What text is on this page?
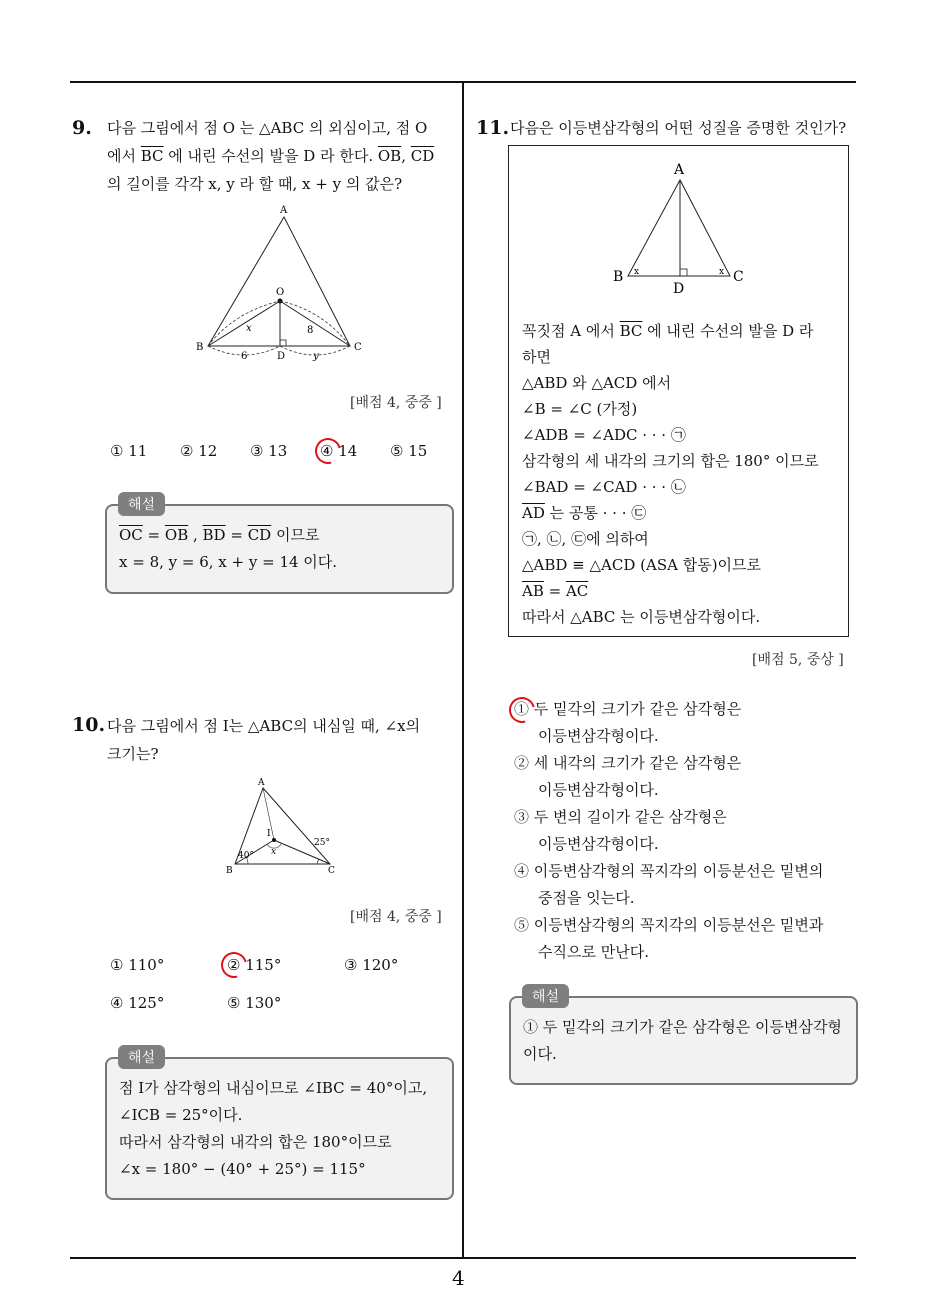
4
9. 다음 그림에서 점 O 는 △ABC 의 외심이고, 점 O
에서 $\overline{BC}$ 에 내린 수선의 발을 D 라 한다. $\overline{OB}$, $\overline{CD}$
의 길이를 각각 x, y 라 할 때, x + y 의 값은?
A
O
B	C
D
x	8
6	y
[배점 4, 중중 ]
① 11 ② 12 ③ 13 ④ 14 ⑤ 15
$\overline{OC} = \overline{OB}$ , $\overline{BD} = \overline{CD}$ 이므로
x = 8, y = 6, x + y = 14 이다.
해설
10. 다음 그림에서 점 I는 △ABC의 내심일 때, ∠x의
크기는?
A
I
x
40°
25°
B	C
[배점 4, 중중 ]
① 110°	② 115°	③ 120°
④ 125°	⑤ 130°
점 I가 삼각형의 내심이므로 ∠IBC = 40°이고,
∠ICB = 25°이다.
따라서 삼각형의 내각의 합은 180°이므로
∠x = 180° − (40° + 25°) = 115°
해설
11. 다음은 이등변삼각형의 어떤 성질을 증명한 것인가?
A
B	C
D
x	x
꼭짓점 A 에서 $\overline{BC}$ 에 내린 수선의 발을 D 라
하면
△ABD 와 △ACD 에서
∠B = ∠C (가정)
∠ADB = ∠ADC · · · ㉠
삼각형의 세 내각의 크기의 합은 180° 이므로
∠BAD = ∠CAD · · · ㉡
$\overline{AD}$ 는 공통 · · · ㉢
㉠, ㉡, ㉢에 의하여
△ABD ≡ △ACD (ASA 합동)이므로
$\overline{AB} = \overline{AC}$
따라서 △ABC 는 이등변삼각형이다.
[배점 5, 중상 ]
① 두 밑각의 크기가 같은 삼각형은
이등변삼각형이다.
② 세 내각의 크기가 같은 삼각형은
이등변삼각형이다.
③ 두 변의 길이가 같은 삼각형은
이등변삼각형이다.
④ 이등변삼각형의 꼭지각의 이등분선은 밑변의
중점을 잇는다.
⑤ 이등변삼각형의 꼭지각의 이등분선은 밑변과
수직으로 만난다.
① 두 밑각의 크기가 같은 삼각형은 이등변삼각형
이다.
해설
